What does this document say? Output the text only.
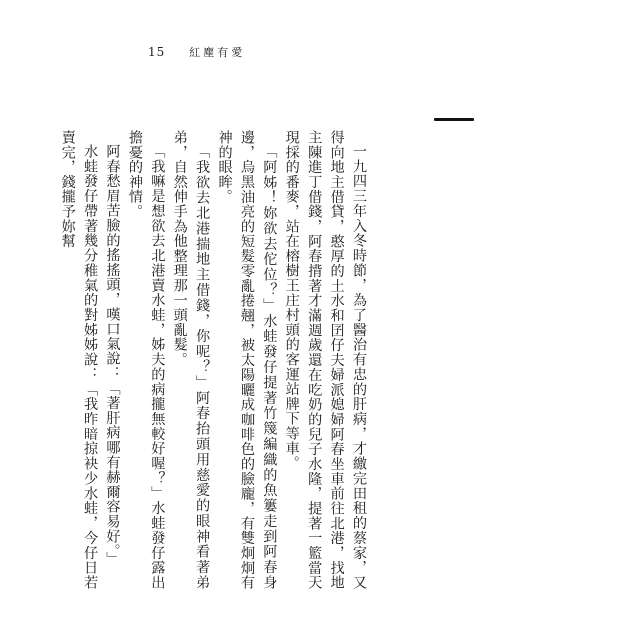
15 紅塵有愛

一九四三年入冬時節，為了醫治有忠的肝病，才繳完田租的蔡家，又得向地主借貸，憨厚的土水和囝仔夫婦派媳婦阿春坐車前往北港，找地主陳進丁借錢，阿春揹著才滿週歲還在吃奶的兒子水隆，提著一籃當天現採的番麥，站在榕樹王庄村頭的客運站牌下等車。

「阿姊！妳欲去佗位？」水蛙發仔提著竹篾編織的魚簍走到阿春身邊，烏黑油亮的短髮零亂捲翹，被太陽曬成咖啡色的臉龐，有雙炯炯有神的眼眸。

「我欲去北港揣地主借錢，你呢？」阿春抬頭用慈愛的眼神看著弟弟，自然伸手為他整理那一頭亂髮。

「我嘛是想欲去北港賣水蛙，姊夫的病攏無較好喔？」水蛙發仔露出擔憂的神情。

阿春愁眉苦臉的搖搖頭，嘆口氣說：「著肝病哪有赫爾容易好。」

水蛙發仔帶著幾分稚氣的對姊姊說：「我昨暗掠袂少水蛙，今仔日若賣完，錢攏予妳幫
